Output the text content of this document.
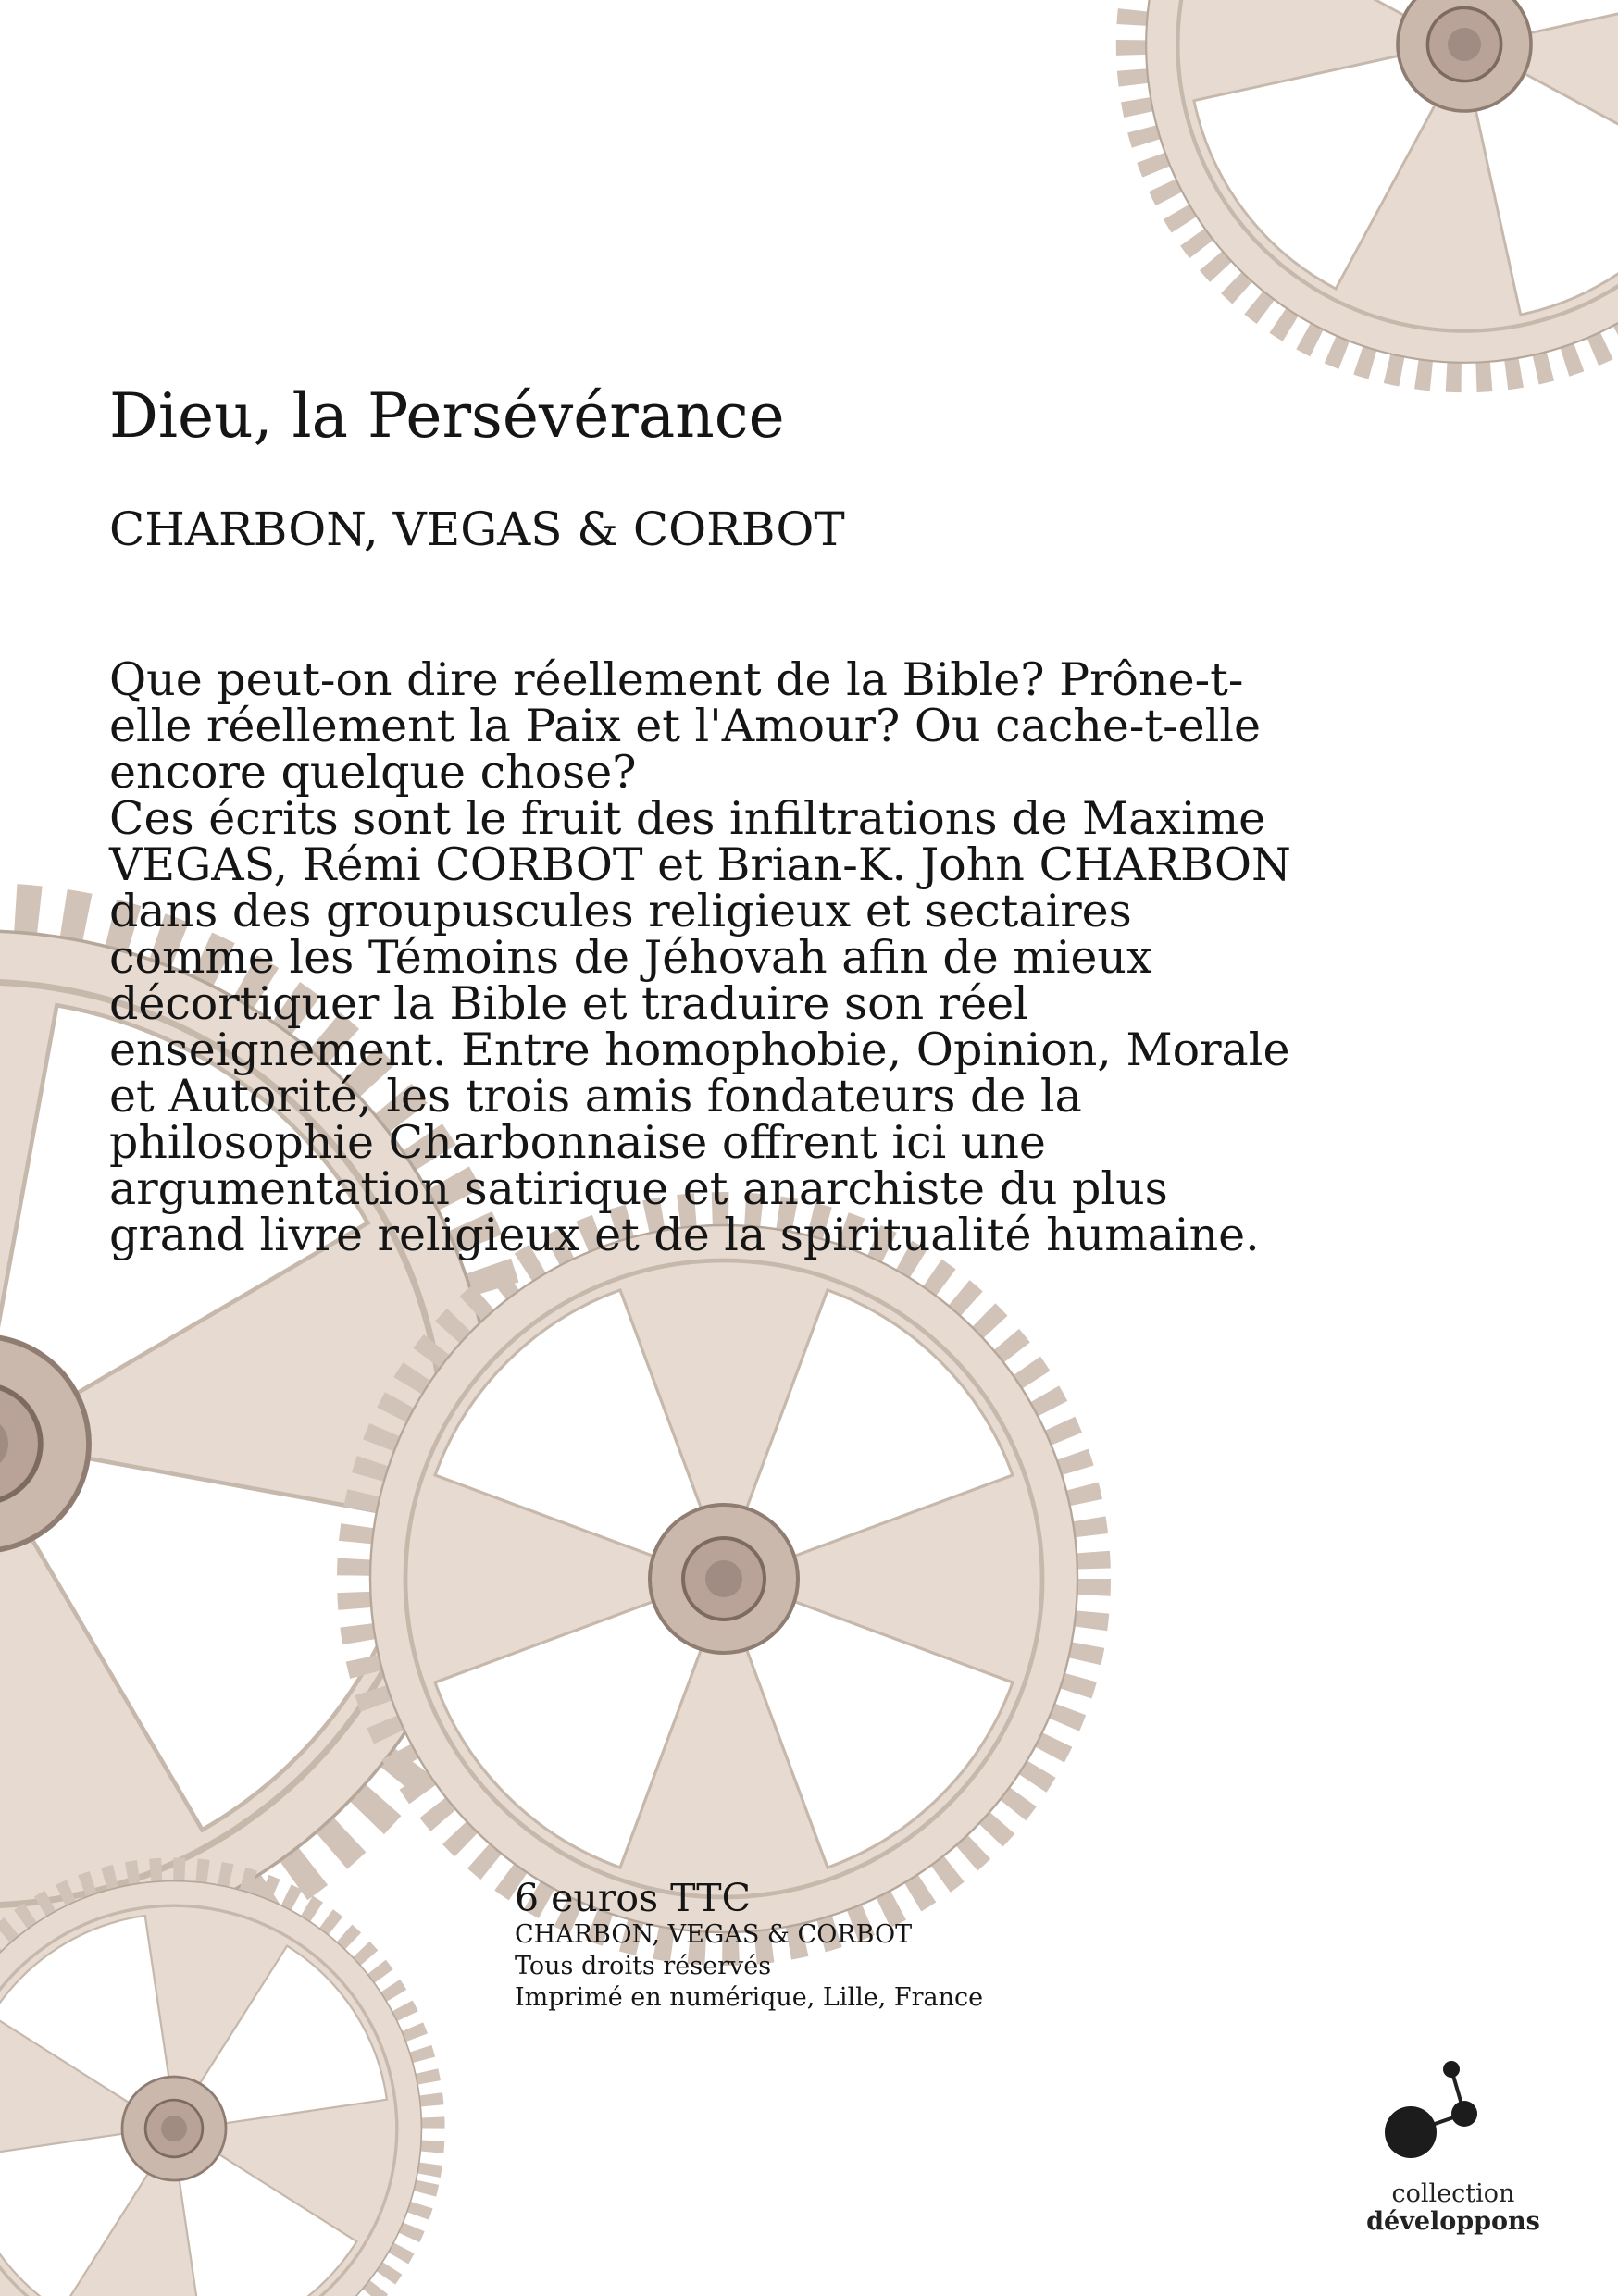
Dieu, la Persévérance
CHARBON, VEGAS & CORBOT

Que peut-on dire réellement de la Bible? Prône-t-elle réellement la Paix et l'Amour? Ou cache-t-elle encore quelque chose?

Ces écrits sont le fruit des infiltrations de Maxime VEGAS, Rémi CORBOT et Brian-K. John CHARBON dans des groupuscules religieux et sectaires comme les Témoins de Jéhovah afin de mieux décortiquer la Bible et traduire son réel enseignement. Entre homophobie, Opinion, Morale et Autorité, les trois amis fondateurs de la philosophie Charbonnaise offrent ici une argumentation satirique et anarchiste du plus grand livre religieux et de la spiritualité humaine.

6 euros TTC
CHARBON, VEGAS & CORBOT
Tous droits réservés
Imprimé en numérique, Lille, France
collection
développons
